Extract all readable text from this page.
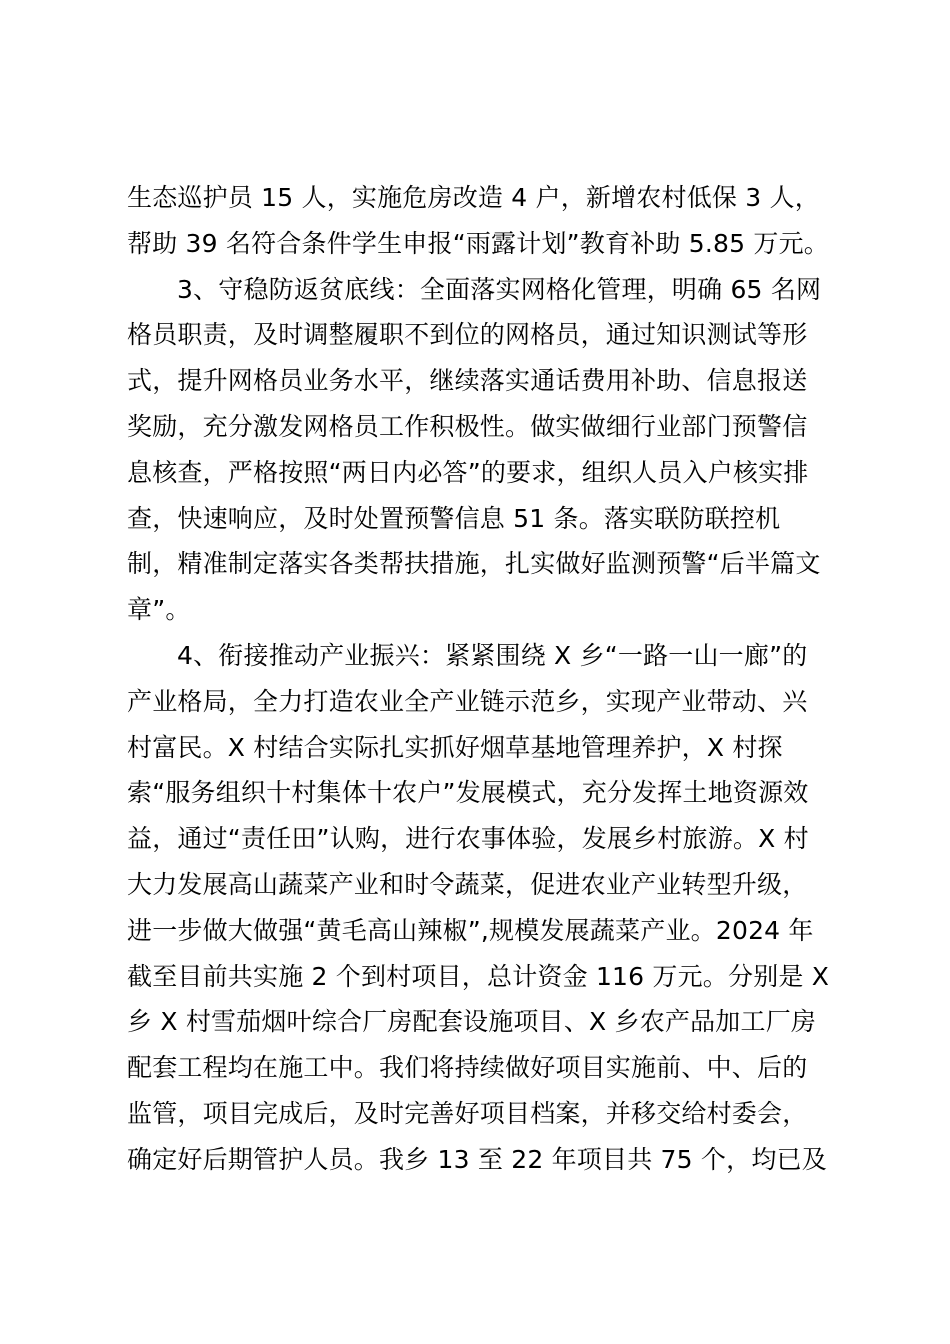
生态巡护员 15 人，实施危房改造 4 户，新增农村低保 3 人，
帮助 39 名符合条件学生申报“雨露计划”教育补助 5.85 万元。
3、守稳防返贫底线：全面落实网格化管理，明确 65 名网
格员职责，及时调整履职不到位的网格员，通过知识测试等形
式，提升网格员业务水平，继续落实通话费用补助、信息报送
奖励，充分激发网格员工作积极性。做实做细行业部门预警信
息核查，严格按照“两日内必答”的要求，组织人员入户核实排
查，快速响应，及时处置预警信息 51 条。落实联防联控机
制，精准制定落实各类帮扶措施，扎实做好监测预警“后半篇文
章”。
4、衔接推动产业振兴：紧紧围绕 X 乡“一路一山一廊”的
产业格局，全力打造农业全产业链示范乡，实现产业带动、兴
村富民。X 村结合实际扎实抓好烟草基地管理养护，X 村探
索“服务组织十村集体十农户”发展模式，充分发挥土地资源效
益，通过“责任田”认购，进行农事体验，发展乡村旅游。X 村
大力发展高山蔬菜产业和时令蔬菜，促进农业产业转型升级，
进一步做大做强“黄毛高山辣椒”,规模发展蔬菜产业。2024 年
截至目前共实施 2 个到村项目，总计资金 116 万元。分别是 X
乡 X 村雪茄烟叶综合厂房配套设施项目、X 乡农产品加工厂房
配套工程均在施工中。我们将持续做好项目实施前、中、后的
监管，项目完成后，及时完善好项目档案，并移交给村委会，
确定好后期管护人员。我乡 13 至 22 年项目共 75 个，均已及
